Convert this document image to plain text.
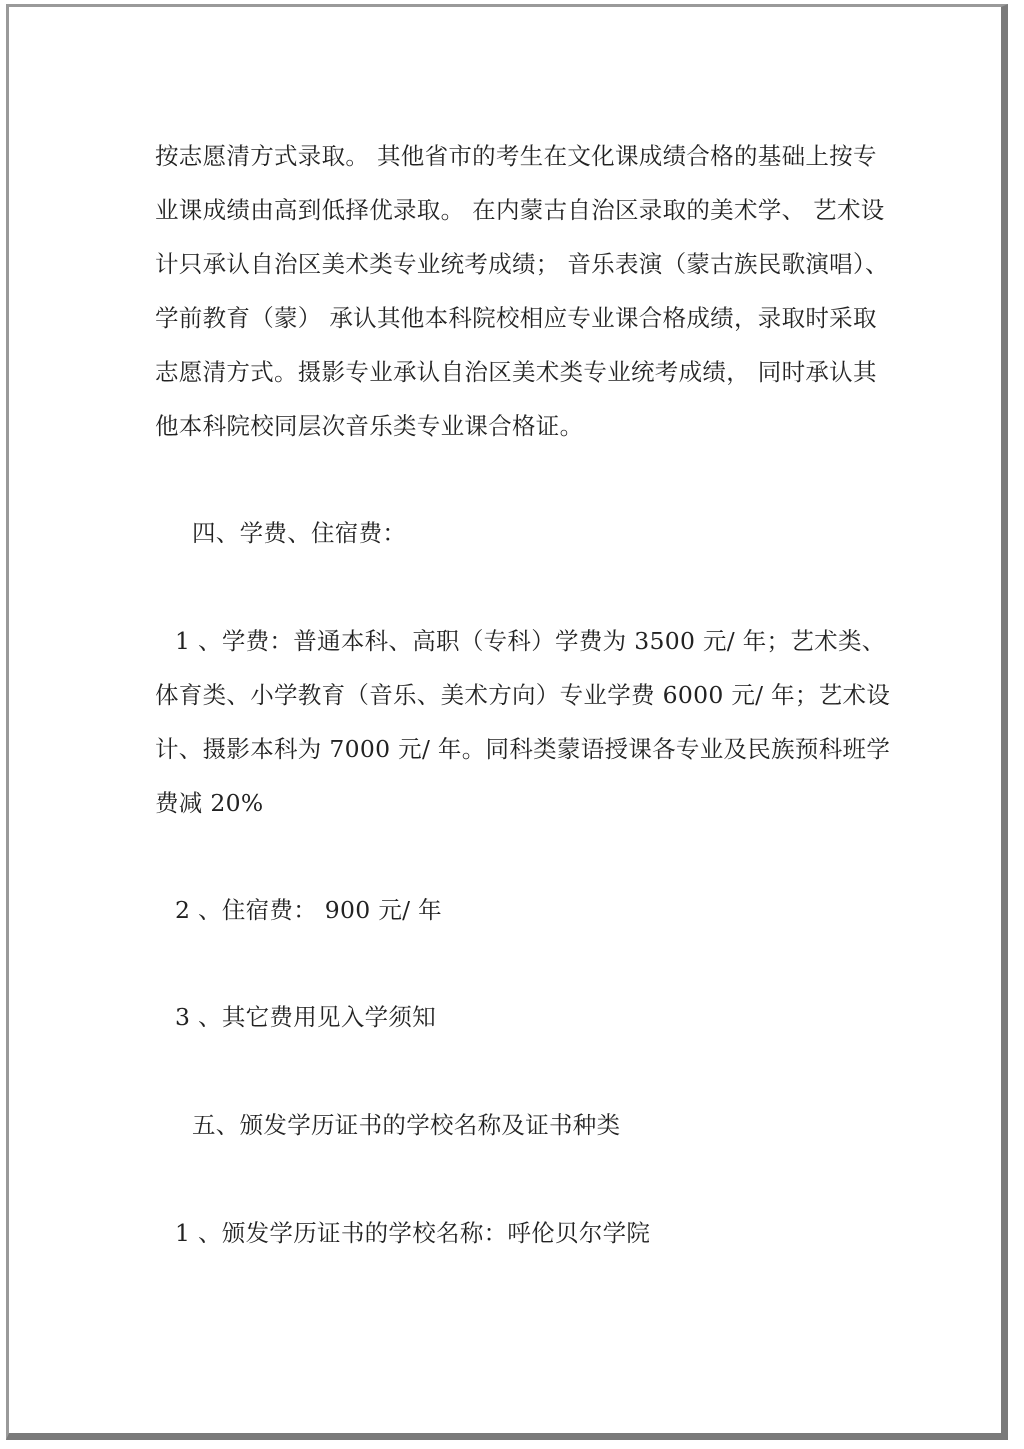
按志愿清方式录取。 其他省市的考生在文化课成绩合格的基础上按专

业课成绩由高到低择优录取。 在内蒙古自治区录取的美术学、 艺术设

计只承认自治区美术类专业统考成绩； 音乐表演（蒙古族民歌演唱）、

学前教育（蒙） 承认其他本科院校相应专业课合格成绩，录取时采取

志愿清方式。摄影专业承认自治区美术类专业统考成绩， 同时承认其

他本科院校同层次音乐类专业课合格证。

四、学费、住宿费：

1 、学费：普通本科、高职（专科）学费为 3500 元/ 年；艺术类、

体育类、小学教育（音乐、美术方向）专业学费 6000 元/ 年；艺术设

计、摄影本科为 7000 元/ 年。同科类蒙语授课各专业及民族预科班学

费减 20%

2 、住宿费： 900 元/ 年

3 、其它费用见入学须知

五、颁发学历证书的学校名称及证书种类

1 、颁发学历证书的学校名称：呼伦贝尔学院
